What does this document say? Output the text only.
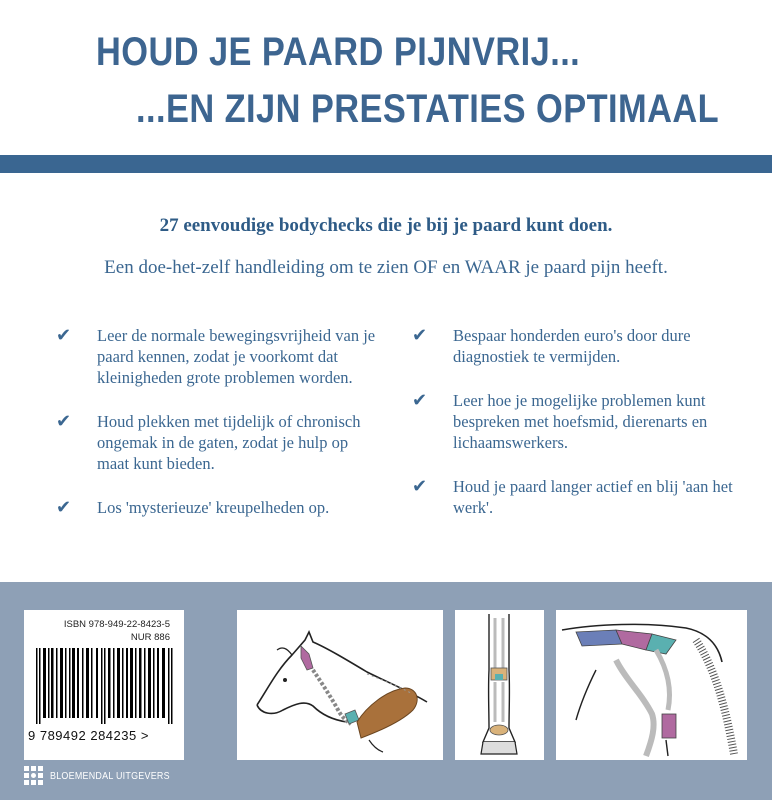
HOUD JE PAARD PIJNVRIJ...
...EN ZIJN PRESTATIES OPTIMAAL
27 eenvoudige bodychecks die je bij je paard kunt doen.
Een doe-het-zelf handleiding om te zien OF en WAAR je paard pijn heeft.
✔ Leer de normale bewegingsvrijheid van je paard kennen, zodat je voorkomt dat kleinigheden grote problemen worden.
✔ Houd plekken met tijdelijk of chronisch ongemak in de gaten, zodat je hulp op maat kunt bieden.
✔ Los 'mysterieuze' kreupelheden op.
✔ Bespaar honderden euro's door dure diagnostiek te vermijden.
✔ Leer hoe je mogelijke problemen kunt bespreken met hoefsmid, dierenarts en lichaamswerkers.
✔ Houd je paard langer actief en blij 'aan het werk'.
ISBN 978-949-22-8423-5
NUR 886
9 789492 284235 >
BLOEMENDAL UITGEVERS
